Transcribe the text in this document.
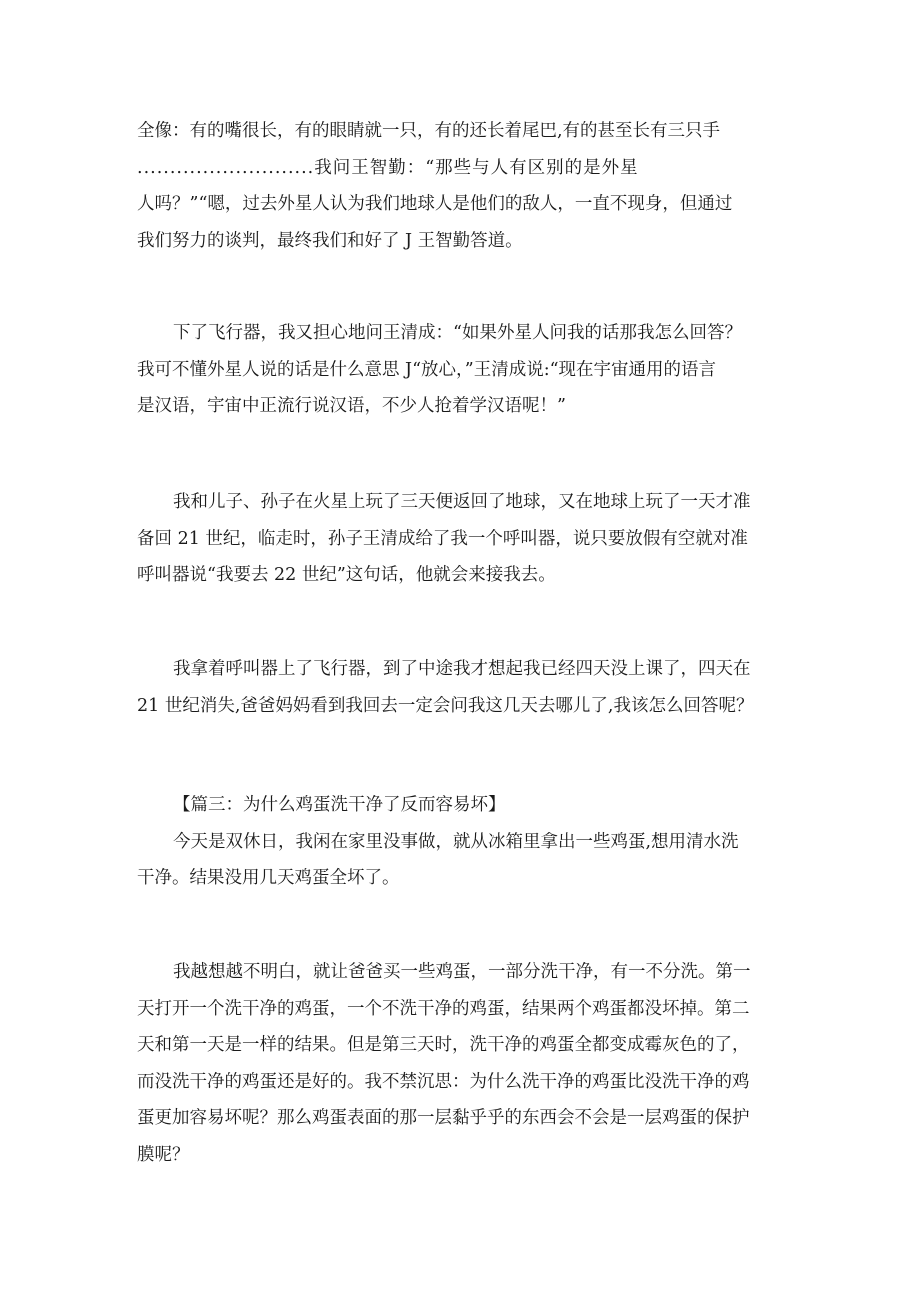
全像：有的嘴很长，有的眼睛就一只，有的还长着尾巴,有的甚至长有三只手
...........................我问王智勤：“那些与人有区别的是外星
人吗？”“嗯，过去外星人认为我们地球人是他们的敌人，一直不现身，但通过
我们努力的谈判，最终我们和好了 J 王智勤答道。
下了飞行器，我又担心地问王清成：“如果外星人问我的话那我怎么回答？
我可不懂外星人说的话是什么意思 J“放心，”王清成说:“现在宇宙通用的语言
是汉语，宇宙中正流行说汉语，不少人抢着学汉语呢！”
我和儿子、孙子在火星上玩了三天便返回了地球，又在地球上玩了一天才准
备回 21 世纪，临走时，孙子王清成给了我一个呼叫器，说只要放假有空就对准
呼叫器说“我要去 22 世纪”这句话，他就会来接我去。
我拿着呼叫器上了飞行器，到了中途我才想起我已经四天没上课了，四天在
21 世纪消失,爸爸妈妈看到我回去一定会问我这几天去哪儿了,我该怎么回答呢？
【篇三：为什么鸡蛋洗干净了反而容易坏】
今天是双休日，我闲在家里没事做，就从冰箱里拿出一些鸡蛋,想用清水洗
干净。结果没用几天鸡蛋全坏了。
我越想越不明白，就让爸爸买一些鸡蛋，一部分洗干净，有一不分洗。第一
天打开一个洗干净的鸡蛋，一个不洗干净的鸡蛋，结果两个鸡蛋都没坏掉。第二
天和第一天是一样的结果。但是第三天时，洗干净的鸡蛋全都变成霉灰色的了，
而没洗干净的鸡蛋还是好的。我不禁沉思：为什么洗干净的鸡蛋比没洗干净的鸡
蛋更加容易坏呢？那么鸡蛋表面的那一层黏乎乎的东西会不会是一层鸡蛋的保护
膜呢？
